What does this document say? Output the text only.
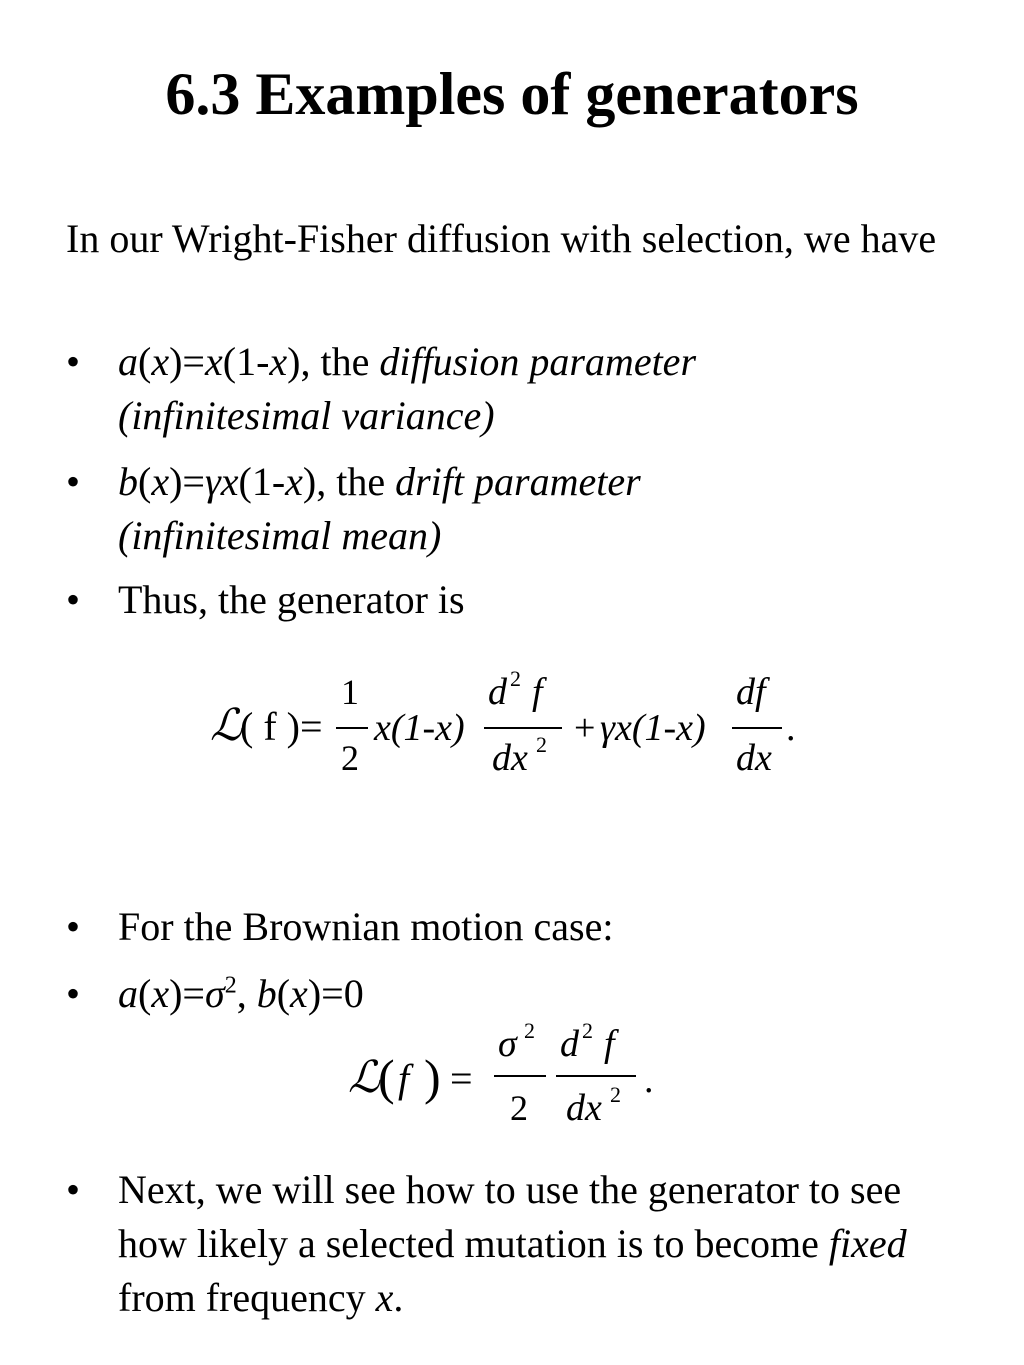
6.3 Examples of generators
In our Wright-Fisher diffusion with selection, we have
• a(x)=x(1-x), the diffusion parameter
(infinitesimal variance)
• b(x)=γx(1-x), the drift parameter
(infinitesimal mean)
• Thus, the generator is
ℒ
( f )=
1
2
x(1-x)
d 2 f
dx 2 + γx(1-x)
df
dx
.
• For the Brownian motion case:
• $a(x)=\sigma^2$, b(x)=0
ℒ
( f ) =
σ 2
2
d 2 f
dx 2 .
• Next, we will see how to use the generator to see how likely a selected mutation is to become fixed from frequency x.
